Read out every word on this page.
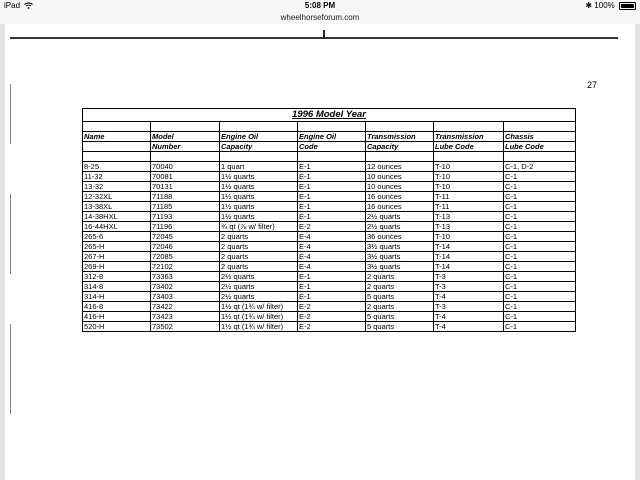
iPad	5:08 PM	✱ 100%
wheelhorseforum.com
27
1996 Model Year						

Name	Model	Engine Oil	Engine Oil	Transmission	Transmission	Chassis
	Number	Capacity	Code	Capacity	Lube Code	Lube Code

8-25	70040	1 quart	E-1	12 ounces	T-10	C-1, D-2
11-32	70081	1½ quarts	E-1	10 ounces	T-10	C-1
13-32	70131	1½ quarts	E-1	10 ounces	T-10	C-1
12-32XL	71188	1½ quarts	E-1	16 ounces	T-11	C-1
13-38XL	71185	1½ quarts	E-1	16 ounces	T-11	C-1
14-38HXL	71193	1½ quarts	E-1	2½ quarts	T-13	C-1
16-44HXL	71196	¾ qt (⅞ w/ filter)	E-2	2½ quarts	T-13	C-1
265-6	72045	2 quarts	E-4	36 ounces	T-10	C-1
265-H	72046	2 quarts	E-4	3½ quarts	T-14	C-1
267-H	72085	2 quarts	E-4	3½ quarts	T-14	C-1
269-H	72102	2 quarts	E-4	3½ quarts	T-14	C-1
312-8	73363	2½ quarts	E-1	2 quarts	T-3	C-1
314-8	73402	2½ quarts	E-1	2 quarts	T-3	C-1
314-H	73403	2½ quarts	E-1	5 quarts	T-4	C-1
416-8	73422	1½ qt (1¾ w/ filter)	E-2	2 quarts	T-3	C-1
416-H	73423	1½ qt (1¾ w/ filter)	E-2	5 quarts	T-4	C-1
520-H	73502	1½ qt (1¾ w/ filter)	E-2	5 quarts	T-4	C-1
